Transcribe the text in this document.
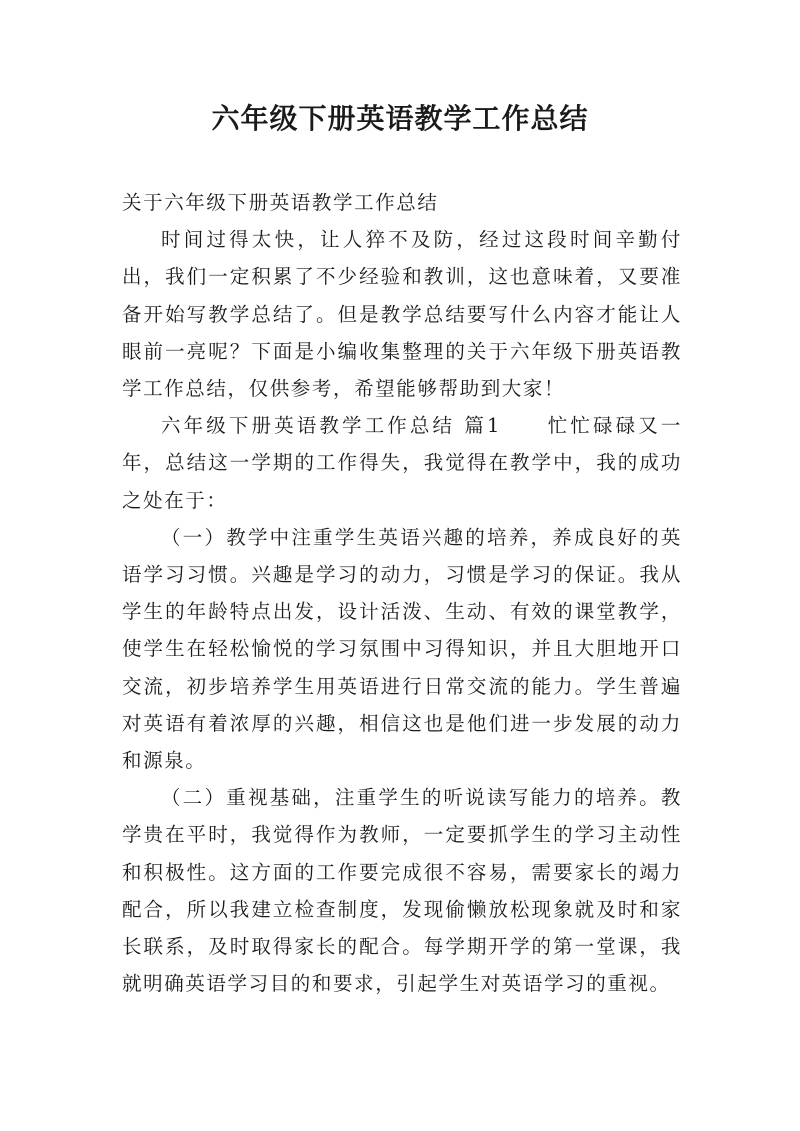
六年级下册英语教学工作总结

关于六年级下册英语教学工作总结

时间过得太快，让人猝不及防，经过这段时间辛勤付出，我们一定积累了不少经验和教训，这也意味着，又要准备开始写教学总结了。但是教学总结要写什么内容才能让人眼前一亮呢？下面是小编收集整理的关于六年级下册英语教学工作总结，仅供参考，希望能够帮助到大家！

六年级下册英语教学工作总结 篇1　　忙忙碌碌又一年，总结这一学期的工作得失，我觉得在教学中，我的成功之处在于：

（一）教学中注重学生英语兴趣的培养，养成良好的英语学习习惯。兴趣是学习的动力，习惯是学习的保证。我从学生的年龄特点出发，设计活泼、生动、有效的课堂教学，使学生在轻松愉悦的学习氛围中习得知识，并且大胆地开口交流，初步培养学生用英语进行日常交流的能力。学生普遍对英语有着浓厚的兴趣，相信这也是他们进一步发展的动力和源泉。

（二）重视基础，注重学生的听说读写能力的培养。教学贵在平时，我觉得作为教师，一定要抓学生的学习主动性和积极性。这方面的工作要完成很不容易，需要家长的竭力配合，所以我建立检查制度，发现偷懒放松现象就及时和家长联系，及时取得家长的配合。每学期开学的第一堂课，我就明确英语学习目的和要求，引起学生对英语学习的重视。
